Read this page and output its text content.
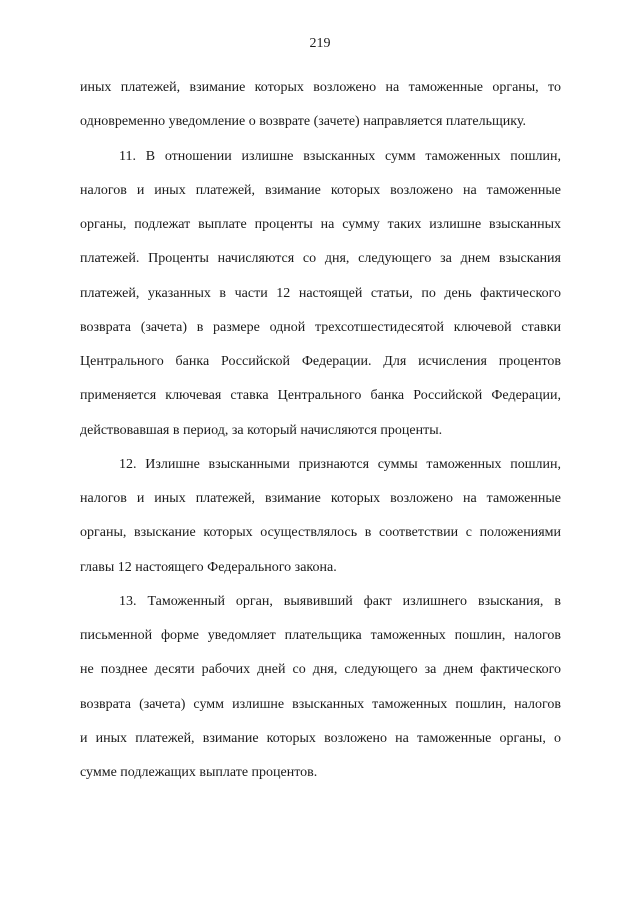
219

иных платежей, взимание которых возложено на таможенные органы, то
одновременно уведомление о возврате (зачете) направляется плательщику.

11. В отношении излишне взысканных сумм таможенных пошлин,
налогов и иных платежей, взимание которых возложено на таможенные
органы, подлежат выплате проценты на сумму таких излишне взысканных
платежей. Проценты начисляются со дня, следующего за днем взыскания
платежей, указанных в части 12 настоящей статьи, по день фактического
возврата (зачета) в размере одной трехсотшестидесятой ключевой ставки
Центрального банка Российской Федерации. Для исчисления процентов
применяется ключевая ставка Центрального банка Российской Федерации,
действовавшая в период, за который начисляются проценты.

12. Излишне взысканными признаются суммы таможенных пошлин,
налогов и иных платежей, взимание которых возложено на таможенные
органы, взыскание которых осуществлялось в соответствии с положениями
главы 12 настоящего Федерального закона.

13. Таможенный орган, выявивший факт излишнего взыскания, в
письменной форме уведомляет плательщика таможенных пошлин, налогов
не позднее десяти рабочих дней со дня, следующего за днем фактического
возврата (зачета) сумм излишне взысканных таможенных пошлин, налогов
и иных платежей, взимание которых возложено на таможенные органы, о
сумме подлежащих выплате процентов.
